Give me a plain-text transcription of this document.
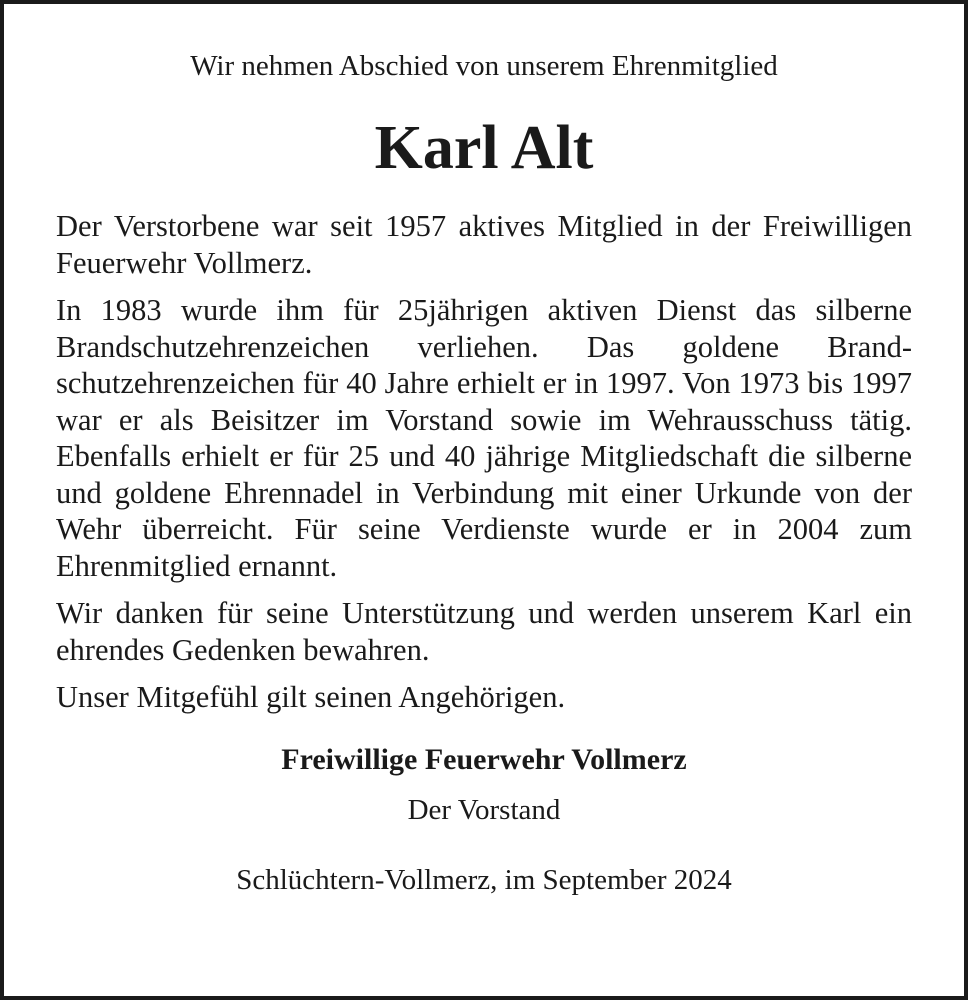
Wir nehmen Abschied von unserem Ehrenmitglied
Karl Alt

Der Verstorbene war seit 1957 aktives Mitglied in der Freiwilligen Feuerwehr Vollmerz.

In 1983 wurde ihm für 25jährigen aktiven Dienst das silberne Brandschutzehrenzeichen verliehen. Das goldene Brandschutzehrenzeichen für 40 Jahre erhielt er in 1997. Von 1973 bis 1997 war er als Beisitzer im Vorstand sowie im Wehrausschuss tätig. Ebenfalls erhielt er für 25 und 40 jährige Mitgliedschaft die silberne und goldene Ehrennadel in Verbindung mit einer Urkunde von der Wehr überreicht. Für seine Verdienste wurde er in 2004 zum Ehrenmitglied ernannt.

Wir danken für seine Unterstützung und werden unserem Karl ein ehrendes Gedenken bewahren.

Unser Mitgefühl gilt seinen Angehörigen.

Freiwillige Feuerwehr Vollmerz
Der Vorstand
Schlüchtern-Vollmerz, im September 2024
